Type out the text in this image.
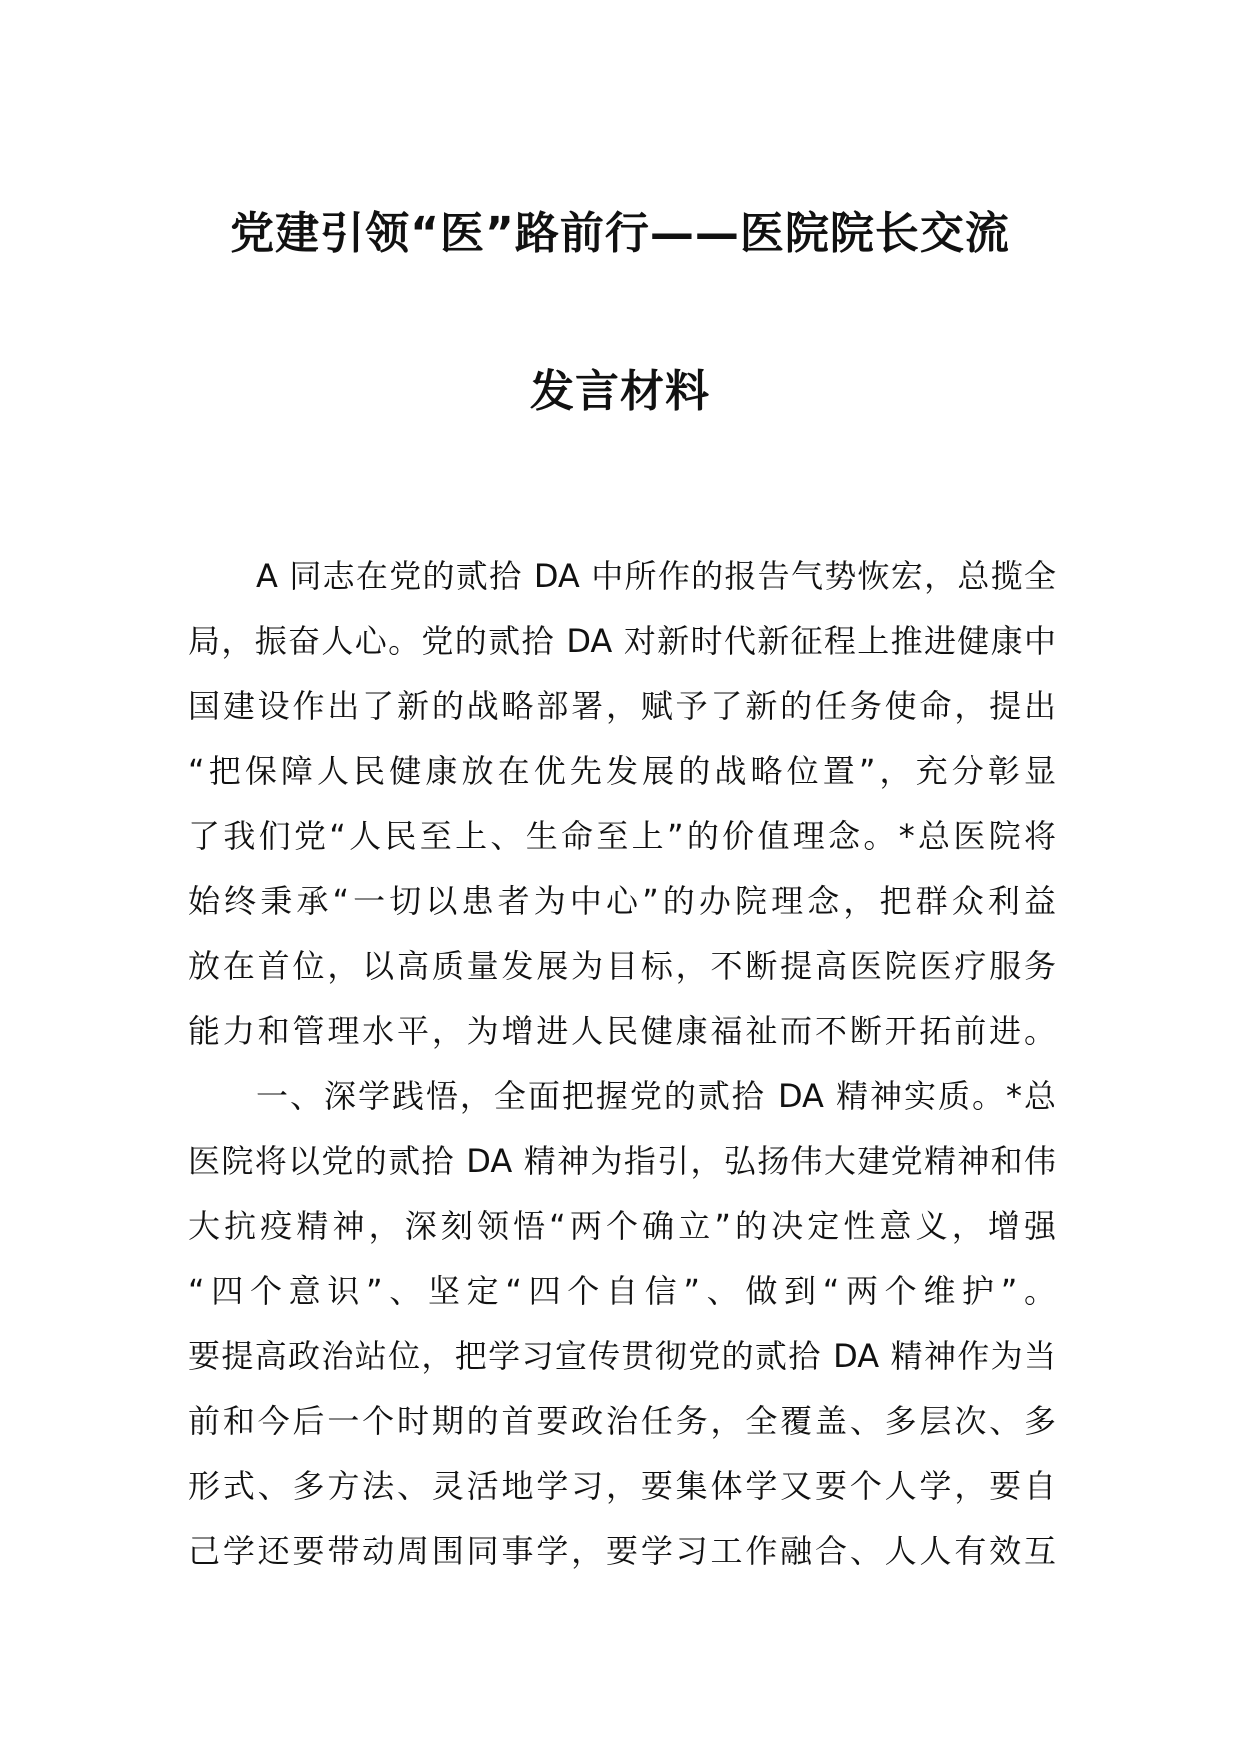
党建引领“医”路前行——医院院长交流
发言材料
A 同志在党的贰拾 DA 中所作的报告气势恢宏，总揽全
局，振奋人心。党的贰拾 DA 对新时代新征程上推进健康中
国建设作出了新的战略部署，赋予了新的任务使命，提出
“把保障人民健康放在优先发展的战略位置”，充分彰显
了我们党“人民至上、生命至上”的价值理念。*总医院将
始终秉承“一切以患者为中心”的办院理念，把群众利益
放在首位，以高质量发展为目标，不断提高医院医疗服务
能力和管理水平，为增进人民健康福祉而不断开拓前进。
一、深学践悟，全面把握党的贰拾 DA 精神实质。*总
医院将以党的贰拾 DA 精神为指引，弘扬伟大建党精神和伟
大抗疫精神，深刻领悟“两个确立”的决定性意义，增强
“四个意识”、坚定“四个自信”、做到“两个维护”。
要提高政治站位，把学习宣传贯彻党的贰拾 DA 精神作为当
前和今后一个时期的首要政治任务，全覆盖、多层次、多
形式、多方法、灵活地学习，要集体学又要个人学，要自
己学还要带动周围同事学，要学习工作融合、人人有效互
